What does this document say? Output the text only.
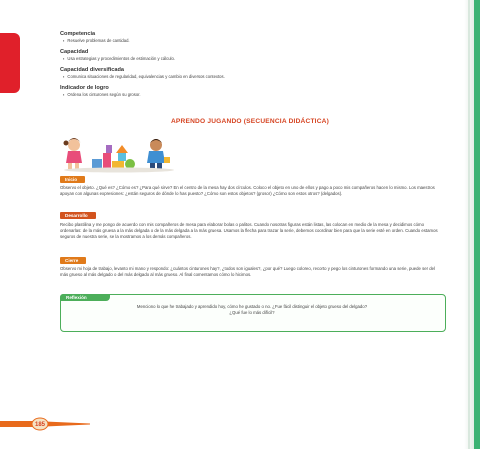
Competencia

▪ Resuelve problemas de cantidad.

Capacidad

▪ Usa estrategias y procedimientos de estimación y cálculo.

Capacidad diversificada

▪ Comunica situaciones de regularidad, equivalencias y cambio en diversos contextos.

Indicador de logro

▪ Ordena los cinturones según su grosor.

APRENDO JUGANDO (SECUENCIA DIDÁCTICA)
Inicio

Observo el objeto. ¿Qué es? ¿Cómo es? ¿Para qué sirve? En el centro de la mesa hay dos círculos. Coloco el objeto en uno de ellos y pago a poco mis compañeros hacen lo mismo. Los maestros apoyan con algunas expresiones: ¿están seguros de dónde lo has puesto? ¿Cómo son estos objetos? (grosor) ¿Cómo son estos otros? (delgados).

Desarrollo

Recibo plastilina y me pongo de acuerdo con mis compañeros de mesa para elaborar bolas o palitos. Cuando nosotras figuras están listas, las colocan en medio de la mesa y decidimos cómo ordenarlas: de la más gruesa a la más delgada o de la más delgada a la más gruesa. Usamos la flecha para trazar la serie, debemos coordinar bien para que la serie esté en orden. Cuando estamos seguros de nuestra serie, se la mostramos a los demás compañeros.

Cierre

Observo mi hoja de trabajo, levanto mi mano y respondo: ¿cuántos cinturones hay?, ¿todos son iguales?, ¿por qué? Luego coloreo, recorto y pego los cinturones formando una serie, puede ser del más grueso al más delgado o del más delgado al más grueso. Al final comentamos cómo lo hicimos.

Reflexión

Menciono lo que he trabajado y aprendido hoy, cómo he gustado o no. ¿Fue fácil distinguir el objeto grueso del delgado?
¿Qué fue lo más difícil?

185
